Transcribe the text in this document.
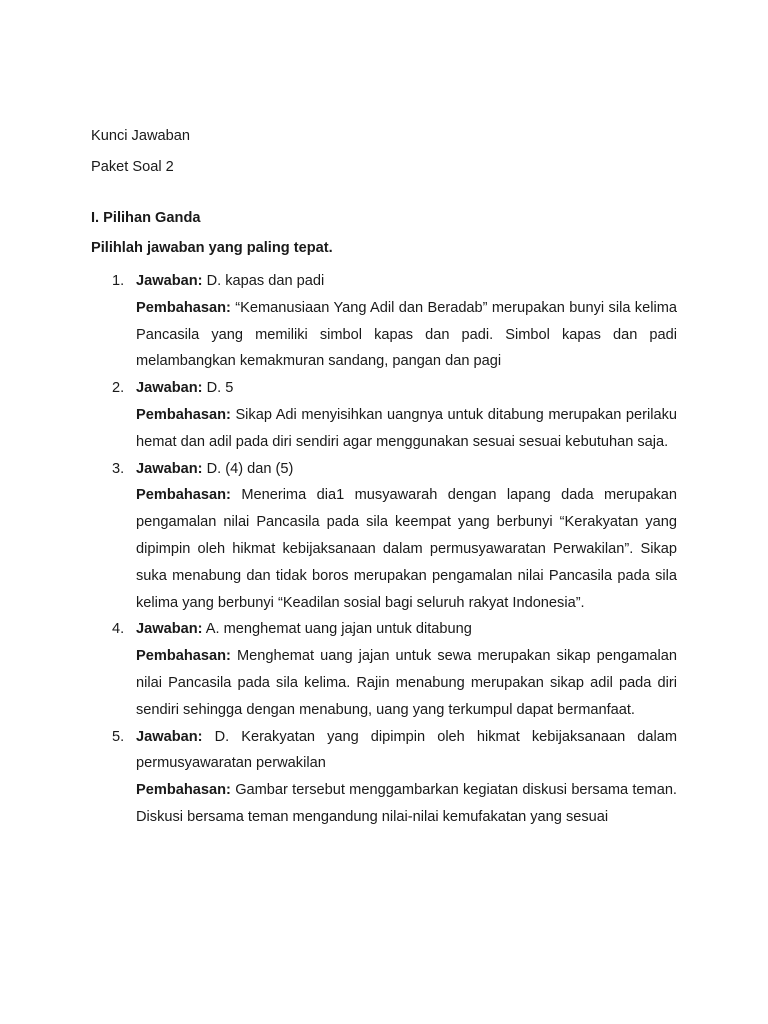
Kunci Jawaban
Paket Soal 2
I. Pilihan Ganda
Pilihlah jawaban yang paling tepat.
1. Jawaban: D. kapas dan padi
Pembahasan: “Kemanusiaan Yang Adil dan Beradab” merupakan bunyi sila kelima Pancasila yang memiliki simbol kapas dan padi. Simbol kapas dan padi melambangkan kemakmuran sandang, pangan dan pagi
2. Jawaban: D. 5
Pembahasan: Sikap Adi menyisihkan uangnya untuk ditabung merupakan perilaku hemat dan adil pada diri sendiri agar menggunakan sesuai sesuai kebutuhan saja.
3. Jawaban: D. (4) dan (5)
Pembahasan: Menerima dia1 musyawarah dengan lapang dada merupakan pengamalan nilai Pancasila pada sila keempat yang berbunyi “Kerakyatan yang dipimpin oleh hikmat kebijaksanaan dalam permusyawaratan Perwakilan”. Sikap suka menabung dan tidak boros merupakan pengamalan nilai Pancasila pada sila kelima yang berbunyi “Keadilan sosial bagi seluruh rakyat Indonesia”.
4. Jawaban: A. menghemat uang jajan untuk ditabung
Pembahasan: Menghemat uang jajan untuk sewa merupakan sikap pengamalan nilai Pancasila pada sila kelima. Rajin menabung merupakan sikap adil pada diri sendiri sehingga dengan menabung, uang yang terkumpul dapat bermanfaat.
5. Jawaban: D. Kerakyatan yang dipimpin oleh hikmat kebijaksanaan dalam permusyawaratan perwakilan
Pembahasan: Gambar tersebut menggambarkan kegiatan diskusi bersama teman. Diskusi bersama teman mengandung nilai-nilai kemufakatan yang sesuai
